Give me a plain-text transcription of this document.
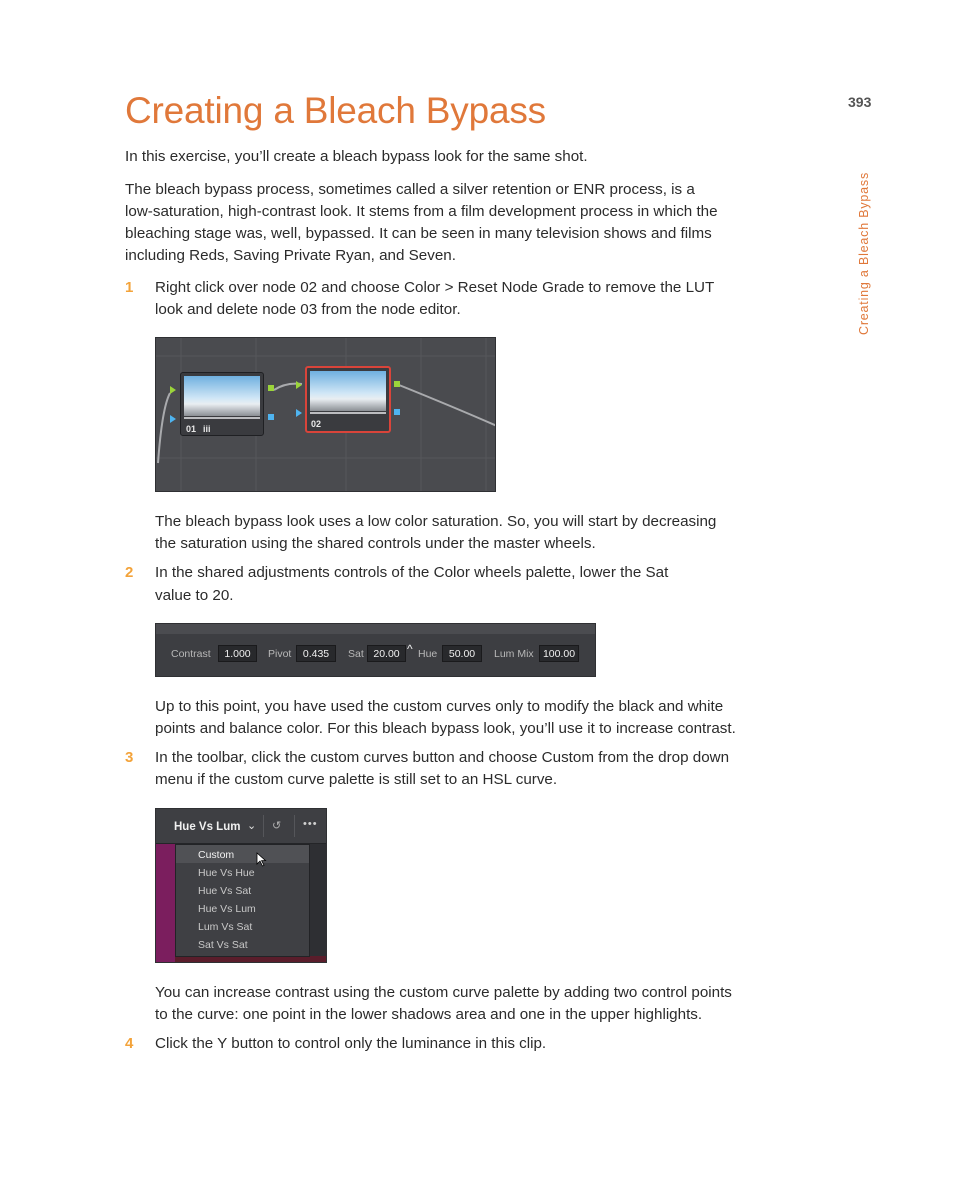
Creating a Bleach Bypass	393
Creating a Bleach Bypass

In this exercise, you’ll create a bleach bypass look for the same shot.

The bleach bypass process, sometimes called a silver retention or ENR process, is a

low-saturation, high-contrast look. It stems from a film development process in which the

bleaching stage was, well, bypassed. It can be seen in many television shows and films

including Reds, Saving Private Ryan, and Seven.

1 Right click over node 02 and choose Color > Reset Node Grade to remove the LUT

look and delete node 03 from the node editor.

01 iii	02

The bleach bypass look uses a low color saturation. So, you will start by decreasing

the saturation using the shared controls under the master wheels.

2 In the shared adjustments controls of the Color wheels palette, lower the Sat

value to 20.

Contrast	1.000	Pivot	0.435	Sat 20.00 ^ Hue	50.00	Lum Mix 100.00

Up to this point, you have used the custom curves only to modify the black and white

points and balance color. For this bleach bypass look, you’ll use it to increase contrast.

3 In the toolbar, click the custom curves button and choose Custom from the drop down

menu if the custom curve palette is still set to an HSL curve.

Hue Vs Lum ⌄ ↺ •••
Custom
Hue Vs Hue
Hue Vs Sat
Hue Vs Lum
Lum Vs Sat
Sat Vs Sat

You can increase contrast using the custom curve palette by adding two control points

to the curve: one point in the lower shadows area and one in the upper highlights.

4 Click the Y button to control only the luminance in this clip.
